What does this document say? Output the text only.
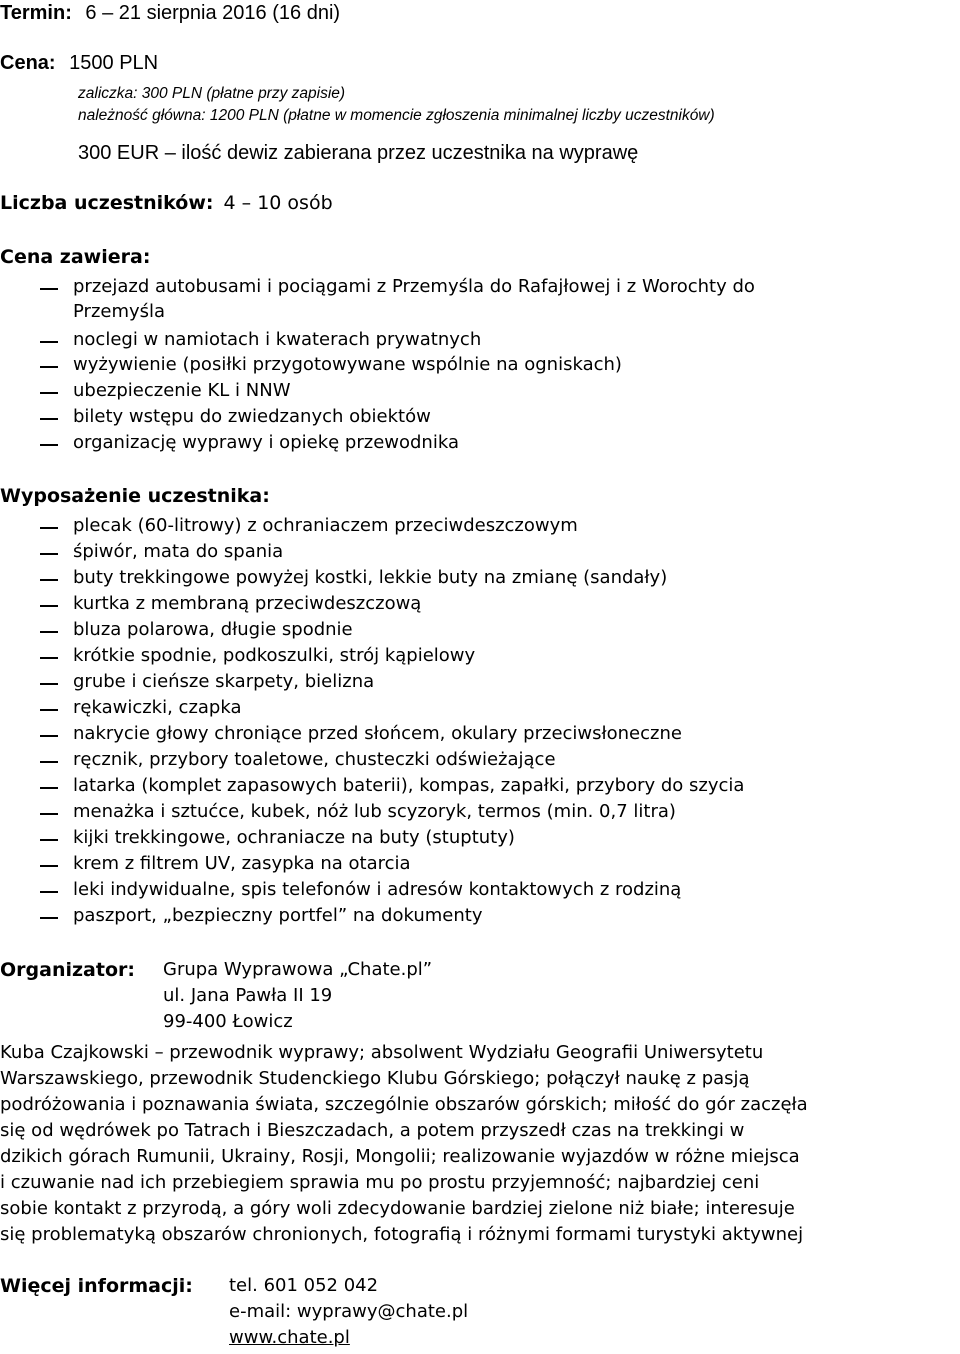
Termin: 6 – 21 sierpnia 2016 (16 dni)
Cena: 1500 PLN
zaliczka: 300 PLN (płatne przy zapisie)
należność główna: 1200 PLN (płatne w momencie zgłoszenia minimalnej liczby uczestników)
300 EUR – ilość dewiz zabierana przez uczestnika na wyprawę
Liczba uczestników: 4 – 10 osób
Cena zawiera:
przejazd autobusami i pociągami z Przemyśla do Rafajłowej i z Worochty do
Przemyśla
noclegi w namiotach i kwaterach prywatnych
wyżywienie (posiłki przygotowywane wspólnie na ogniskach)
ubezpieczenie KL i NNW
bilety wstępu do zwiedzanych obiektów
organizację wyprawy i opiekę przewodnika
Wyposażenie uczestnika:
plecak (60-litrowy) z ochraniaczem przeciwdeszczowym
śpiwór, mata do spania
buty trekkingowe powyżej kostki, lekkie buty na zmianę (sandały)
kurtka z membraną przeciwdeszczową
bluza polarowa, długie spodnie
krótkie spodnie, podkoszulki, strój kąpielowy
grube i cieńsze skarpety, bielizna
rękawiczki, czapka
nakrycie głowy chroniące przed słońcem, okulary przeciwsłoneczne
ręcznik, przybory toaletowe, chusteczki odświeżające
latarka (komplet zapasowych baterii), kompas, zapałki, przybory do szycia
menażka i sztućce, kubek, nóż lub scyzoryk, termos (min. 0,7 litra)
kijki trekkingowe, ochraniacze na buty (stuptuty)
krem z filtrem UV, zasypka na otarcia
leki indywidualne, spis telefonów i adresów kontaktowych z rodziną
paszport, „bezpieczny portfel” na dokumenty
Organizator: Grupa Wyprawowa „Chate.pl”
ul. Jana Pawła II 19
99-400 Łowicz
Kuba Czajkowski – przewodnik wyprawy; absolwent Wydziału Geografii Uniwersytetu
Warszawskiego, przewodnik Studenckiego Klubu Górskiego; połączył naukę z pasją
podróżowania i poznawania świata, szczególnie obszarów górskich; miłość do gór zaczęła
się od wędrówek po Tatrach i Bieszczadach, a potem przyszedł czas na trekkingi w
dzikich górach Rumunii, Ukrainy, Rosji, Mongolii; realizowanie wyjazdów w różne miejsca
i czuwanie nad ich przebiegiem sprawia mu po prostu przyjemność; najbardziej ceni
sobie kontakt z przyrodą, a góry woli zdecydowanie bardziej zielone niż białe; interesuje
się problematyką obszarów chronionych, fotografią i różnymi formami turystyki aktywnej
Więcej informacji: tel. 601 052 042
e-mail: wyprawy@chate.pl
www.chate.pl
